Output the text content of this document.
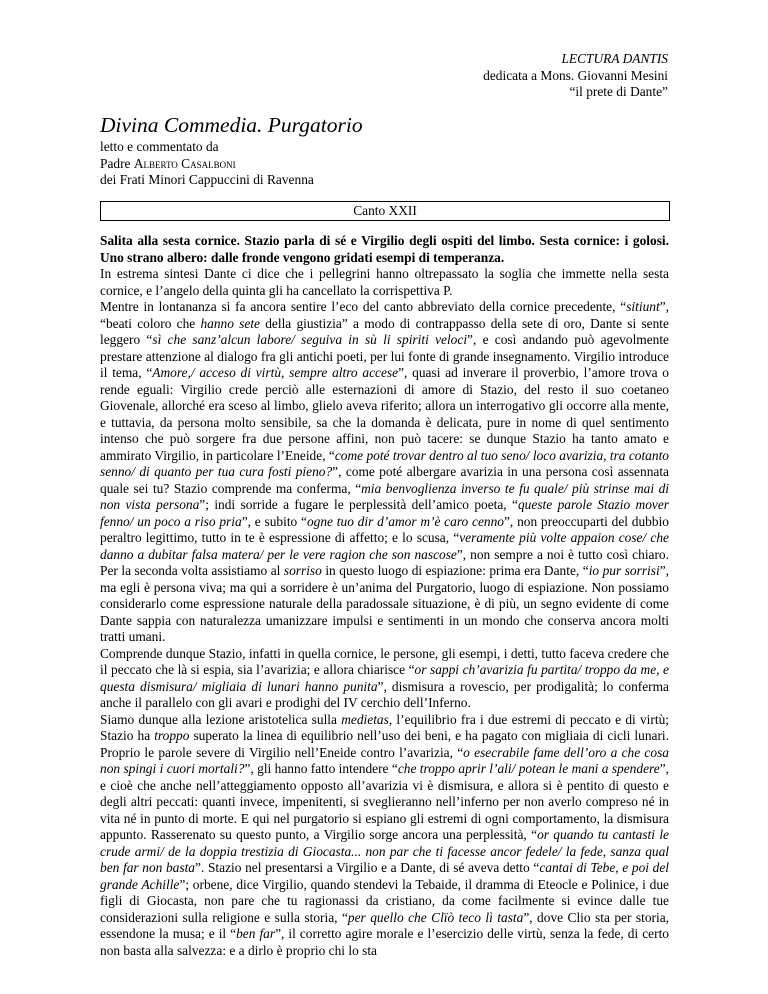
LECTURA DANTIS
dedicata a Mons. Giovanni Mesini
“il prete di Dante”
Divina Commedia. Purgatorio
letto e commentato da
Padre Alberto Casalboni
dei Frati Minori Cappuccini di Ravenna
Canto XXII

Salita alla sesta cornice. Stazio parla di sé e Virgilio degli ospiti del limbo. Sesta cornice: i golosi. Uno strano albero: dalle fronde vengono gridati esempi di temperanza.

In estrema sintesi Dante ci dice che i pellegrini hanno oltrepassato la soglia che immette nella sesta cornice, e l’angelo della quinta gli ha cancellato la corrispettiva P.

Mentre in lontananza si fa ancora sentire l’eco del canto abbreviato della cornice precedente, “sitiunt”, “beati coloro che hanno sete della giustizia” a modo di contrappasso della sete di oro, Dante si sente leggero “sì che sanz’alcun labore/ seguiva in sù li spiriti veloci”, e così andando può agevolmente prestare attenzione al dialogo fra gli antichi poeti, per lui fonte di grande insegnamento. Virgilio introduce il tema, “Amore,/ acceso di virtù, sempre altro accese”, quasi ad inverare il proverbio, l’amore trova o rende eguali: Virgilio crede perciò alle esternazioni di amore di Stazio, del resto il suo coetaneo Giovenale, allorché era sceso al limbo, glielo aveva riferito; allora un interrogativo gli occorre alla mente, e tuttavia, da persona molto sensibile, sa che la domanda è delicata, pure in nome di quel sentimento intenso che può sorgere fra due persone affini, non può tacere: se dunque Stazio ha tanto amato e ammirato Virgilio, in particolare l’Eneide, “come poté trovar dentro al tuo seno/ loco avarizia, tra cotanto senno/ di quanto per tua cura fosti pieno?”, come poté albergare avarizia in una persona così assennata quale sei tu? Stazio comprende ma conferma, “mia benvoglienza inverso te fu quale/ più strinse mai di non vista persona”; indi sorride a fugare le perplessità dell’amico poeta, “queste parole Stazio mover fenno/ un poco a riso pria”, e subito “ogne tuo dir d’amor m’è caro cenno”, non preoccuparti del dubbio peraltro legittimo, tutto in te è espressione di affetto; e lo scusa, “veramente più volte appaion cose/ che danno a dubitar falsa matera/ per le vere ragion che son nascose”, non sempre a noi è tutto così chiaro. Per la seconda volta assistiamo al sorriso in questo luogo di espiazione: prima era Dante, “io pur sorrisi”, ma egli è persona viva; ma qui a sorridere è un’anima del Purgatorio, luogo di espiazione. Non possiamo considerarlo come espressione naturale della paradossale situazione, è di più, un segno evidente di come Dante sappia con naturalezza umanizzare impulsi e sentimenti in un mondo che conserva ancora molti tratti umani.

Comprende dunque Stazio, infatti in quella cornice, le persone, gli esempi, i detti, tutto faceva credere che il peccato che là si espia, sia l’avarizia; e allora chiarisce “or sappi ch’avarizia fu partita/ troppo da me, e questa dismisura/ migliaia di lunari hanno punita”, dismisura a rovescio, per prodigalità; lo conferma anche il parallelo con gli avari e prodighi del IV cerchio dell’Inferno.

Siamo dunque alla lezione aristotelica sulla medietas, l’equilibrio fra i due estremi di peccato e di virtù; Stazio ha troppo superato la linea di equilibrio nell’uso dei beni, e ha pagato con migliaia di cicli lunari. Proprio le parole severe di Virgilio nell’Eneide contro l’avarizia, “o esecrabile fame dell’oro a che cosa non spingi i cuori mortali?”, gli hanno fatto intendere “che troppo aprir l’ali/ potean le mani a spendere”, e cioè che anche nell’atteggiamento opposto all’avarizia vi è dismisura, e allora si è pentito di questo e degli altri peccati: quanti invece, impenitenti, si sveglieranno nell’inferno per non averlo compreso né in vita né in punto di morte. E qui nel purgatorio si espiano gli estremi di ogni comportamento, la dismisura appunto. Rasserenato su questo punto, a Virgilio sorge ancora una perplessità, “or quando tu cantasti le crude armi/ de la doppia trestizia di Giocasta... non par che ti facesse ancor fedele/ la fede, sanza qual ben far non basta”. Stazio nel presentarsi a Virgilio e a Dante, di sé aveva detto “cantai di Tebe, e poi del grande Achille”; orbene, dice Virgilio, quando stendevi la Tebaide, il dramma di Eteocle e Polinice, i due figli di Giocasta, non pare che tu ragionassi da cristiano, da come facilmente si evince dalle tue considerazioni sulla religione e sulla storia, “per quello che Clïò teco lì tasta”, dove Clio sta per storia, essendone la musa; e il “ben far”, il corretto agire morale e l’esercizio delle virtù, senza la fede, di certo non basta alla salvezza: e a dirlo è proprio chi lo sta
